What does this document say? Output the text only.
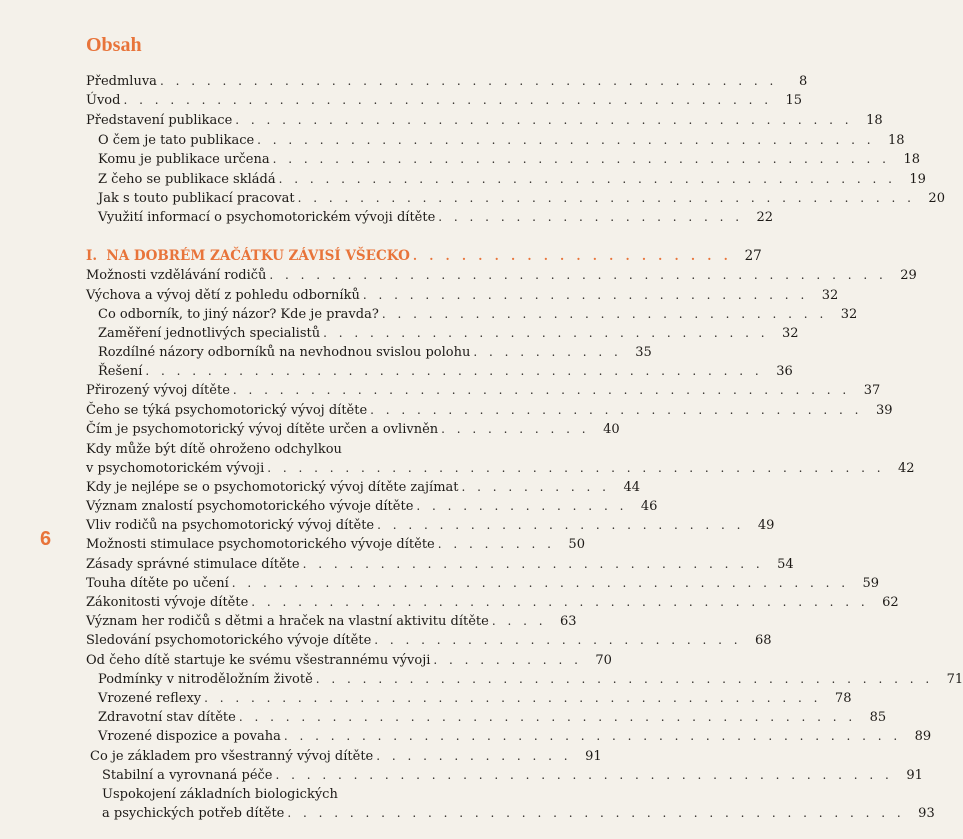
Obsah
Předmluva . . . . . . . . . . . . . . . . . . . . . . . . . . . . . . . . . . . . . . . .	8
Úvod . . . . . . . . . . . . . . . . . . . . . . . . . . . . . . . . . . . . . . . . . .	15
Představení publikace . . . . . . . . . . . . . . . . . . . . . . . . . . . . . . . . . . . . . . . .	18
O čem je tato publikace . . . . . . . . . . . . . . . . . . . . . . . . . . . . . . . . . . . . . . . .	18
Komu je publikace určena . . . . . . . . . . . . . . . . . . . . . . . . . . . . . . . . . . . . . . . .	18
Z čeho se publikace skládá . . . . . . . . . . . . . . . . . . . . . . . . . . . . . . . . . . . . . . . .	19
Jak s touto publikací pracovat . . . . . . . . . . . . . . . . . . . . . . . . . . . . . . . . . . . . . . . .	20
Využití informací o psychomotorickém vývoji dítěte . . . . . . . . . . . . . . . . . . . .	22
I.  NA DOBRÉM ZAČÁTKU ZÁVISÍ VŠECKO . . . . . . . . . . . . . . . . . . . . 27
Možnosti vzdělávání rodičů . . . . . . . . . . . . . . . . . . . . . . . . . . . . . . . . . . . . . . . .	29
Výchova a vývoj dětí z pohledu odborníků . . . . . . . . . . . . . . . . . . . . . . . . . . . . .	32
Co odborník, to jiný názor? Kde je pravda? . . . . . . . . . . . . . . . . . . . . . . . . . . . . .	32
Zaměření jednotlivých specialistů . . . . . . . . . . . . . . . . . . . . . . . . . . . . .	32
Rozdílné názory odborníků na nevhodnou svislou polohu . . . . . . . . . .	35
Řešení . . . . . . . . . . . . . . . . . . . . . . . . . . . . . . . . . . . . . . . .	36
Přirozený vývoj dítěte . . . . . . . . . . . . . . . . . . . . . . . . . . . . . . . . . . . . . . . .	37
Čeho se týká psychomotorický vývoj dítěte . . . . . . . . . . . . . . . . . . . . . . . . . . . . . . . .	39
Čím je psychomotorický vývoj dítěte určen a ovlivněn . . . . . . . . . .	40
Kdy může být dítě ohroženo odchylkou
v psychomotorickém vývoji . . . . . . . . . . . . . . . . . . . . . . . . . . . . . . . . . . . . . . . .	42
Kdy je nejlépe se o psychomotorický vývoj dítěte zajímat . . . . . . . . . .	44
Význam znalostí psychomotorického vývoje dítěte . . . . . . . . . . . . . .	46
Vliv rodičů na psychomotorický vývoj dítěte . . . . . . . . . . . . . . . . . . . . . . . .	49
Možnosti stimulace psychomotorického vývoje dítěte . . . . . . . .	50
Zásady správné stimulace dítěte . . . . . . . . . . . . . . . . . . . . . . . . . . . . . .	54
Touha dítěte po učení . . . . . . . . . . . . . . . . . . . . . . . . . . . . . . . . . . . . . . . .	59
Zákonitosti vývoje dítěte . . . . . . . . . . . . . . . . . . . . . . . . . . . . . . . . . . . . . . . .	62
Význam her rodičů s dětmi a hraček na vlastní aktivitu dítěte . . . .	63
Sledování psychomotorického vývoje dítěte . . . . . . . . . . . . . . . . . . . . . . . .	68
Od čeho dítě startuje ke svému všestrannému vývoji . . . . . . . . . .	70
Podmínky v nitroděložním životě . . . . . . . . . . . . . . . . . . . . . . . . . . . . . . . . . . . . . . . .	71
Vrozené reflexy . . . . . . . . . . . . . . . . . . . . . . . . . . . . . . . . . . . . . . . .	78
Zdravotní stav dítěte . . . . . . . . . . . . . . . . . . . . . . . . . . . . . . . . . . . . . . . .	85
Vrozené dispozice a povaha . . . . . . . . . . . . . . . . . . . . . . . . . . . . . . . . . . . . . . . .	89
Co je základem pro všestranný vývoj dítěte . . . . . . . . . . . . .	91
Stabilní a vyrovnaná péče . . . . . . . . . . . . . . . . . . . . . . . . . . . . . . . . . . . . . . . .	91
Uspokojení základních biologických
a psychických potřeb dítěte . . . . . . . . . . . . . . . . . . . . . . . . . . . . . . . . . . . . . . . .	93
6
